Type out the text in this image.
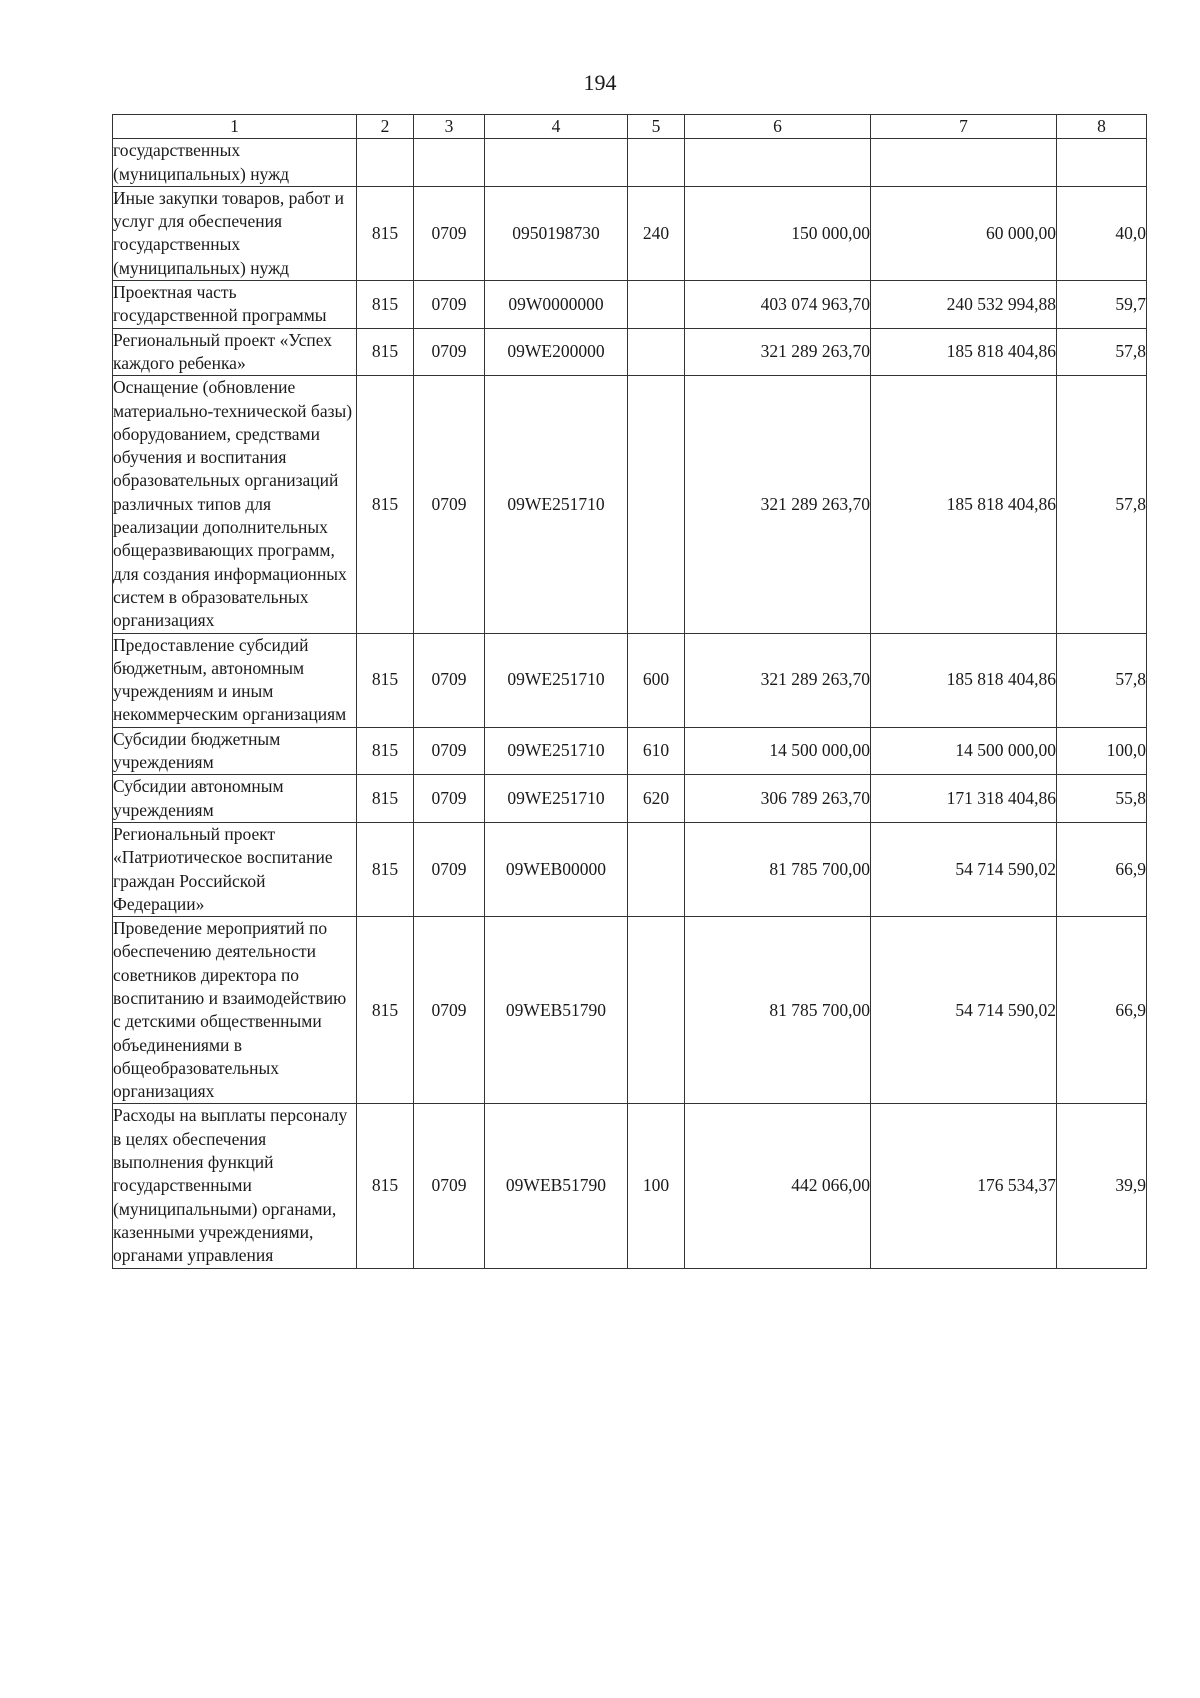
194
1	2	3	4	5	6	7	8
государственных (муниципальных) нужд							
Иные закупки товаров, работ и услуг для обеспечения государственных (муниципальных) нужд	815	0709	0950198730	240	150 000,00	60 000,00	40,0
Проектная часть государственной программы	815	0709	09W0000000		403 074 963,70	240 532 994,88	59,7
Региональный проект «Успех каждого ребенка»	815	0709	09WE200000		321 289 263,70	185 818 404,86	57,8
Оснащение (обновление материально-технической базы) оборудованием, средствами обучения и воспитания образовательных организаций различных типов для реализации дополнительных общеразвивающих программ, для создания информационных систем в образовательных организациях	815	0709	09WE251710		321 289 263,70	185 818 404,86	57,8
Предоставление субсидий бюджетным, автономным учреждениям и иным некоммерческим организациям	815	0709	09WE251710	600	321 289 263,70	185 818 404,86	57,8
Субсидии бюджетным учреждениям	815	0709	09WE251710	610	14 500 000,00	14 500 000,00	100,0
Субсидии автономным учреждениям	815	0709	09WE251710	620	306 789 263,70	171 318 404,86	55,8
Региональный проект «Патриотическое воспитание граждан Российской Федерации»	815	0709	09WEB00000		81 785 700,00	54 714 590,02	66,9
Проведение мероприятий по обеспечению деятельности советников директора по воспитанию и взаимодействию с детскими общественными объединениями в общеобразовательных организациях	815	0709	09WEB51790		81 785 700,00	54 714 590,02	66,9
Расходы на выплаты персоналу в целях обеспечения выполнения функций государственными (муниципальными) органами, казенными учреждениями, органами управления	815	0709	09WEB51790	100	442 066,00	176 534,37	39,9
